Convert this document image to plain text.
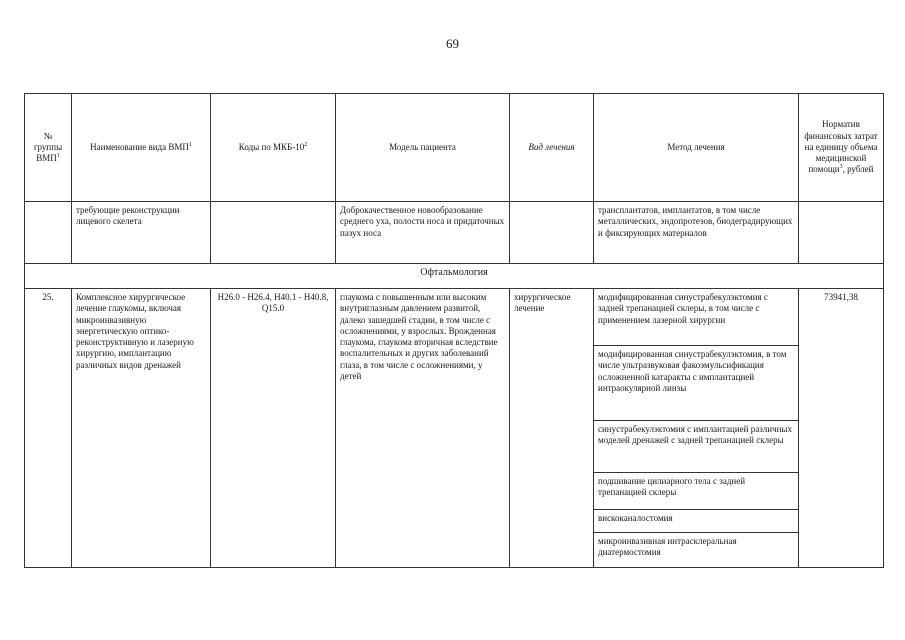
69
№ группы ВМП$^1$	Наименование вида ВМП$^1$	Коды по МКБ-$10^2$	Модель пациента	Вид лечения	Метод лечения	Норматив финансовых затрат на единицу объема медицинской помощи$^3$, рублей
	требующие реконструкции лицевого скелета		Доброкачественное новообразование среднего уха, полости носа и придаточных пазух носа		трансплантатов, имплантатов, в том числе металлических, эндопротезов, биодеградирующих и фиксирующих материалов	
Офтальмология						
25.	Комплексное хирургическое лечение глаукомы, включая микроинвазивную энергетическую оптико-реконструктивную и лазерную хирургию, имплантацию различных видов дренажей	H26.0 - H26.4, H40.1 - H40.8, Q15.0	глаукома с повышенным или высоким внутриглазным давлением развитой, далеко зашедшей стадии, в том числе с осложнениями, у взрослых. Врожденная глаукома, глаукома вторичная вследствие воспалительных и других заболеваний глаза, в том числе с осложнениями, у детей	хирургическое лечение	модифицированная синустрабекулэктомия с задней трепанацией склеры, в том числе с применением лазерной хирургии	73941,38
					модифицированная синустрабекулэктомия, в том числе ультразвуковая факоэмульсификация осложненной катаракты с имплантацией интраокулярной линзы	
					синустрабекулэктомия с имплантацией различных моделей дренажей с задней трепанацией склеры	
					подшивание цилиарного тела с задней трепанацией склеры	
					вискоканалостомия	
					микроинвазивная интрасклеральная диатермостомия	
